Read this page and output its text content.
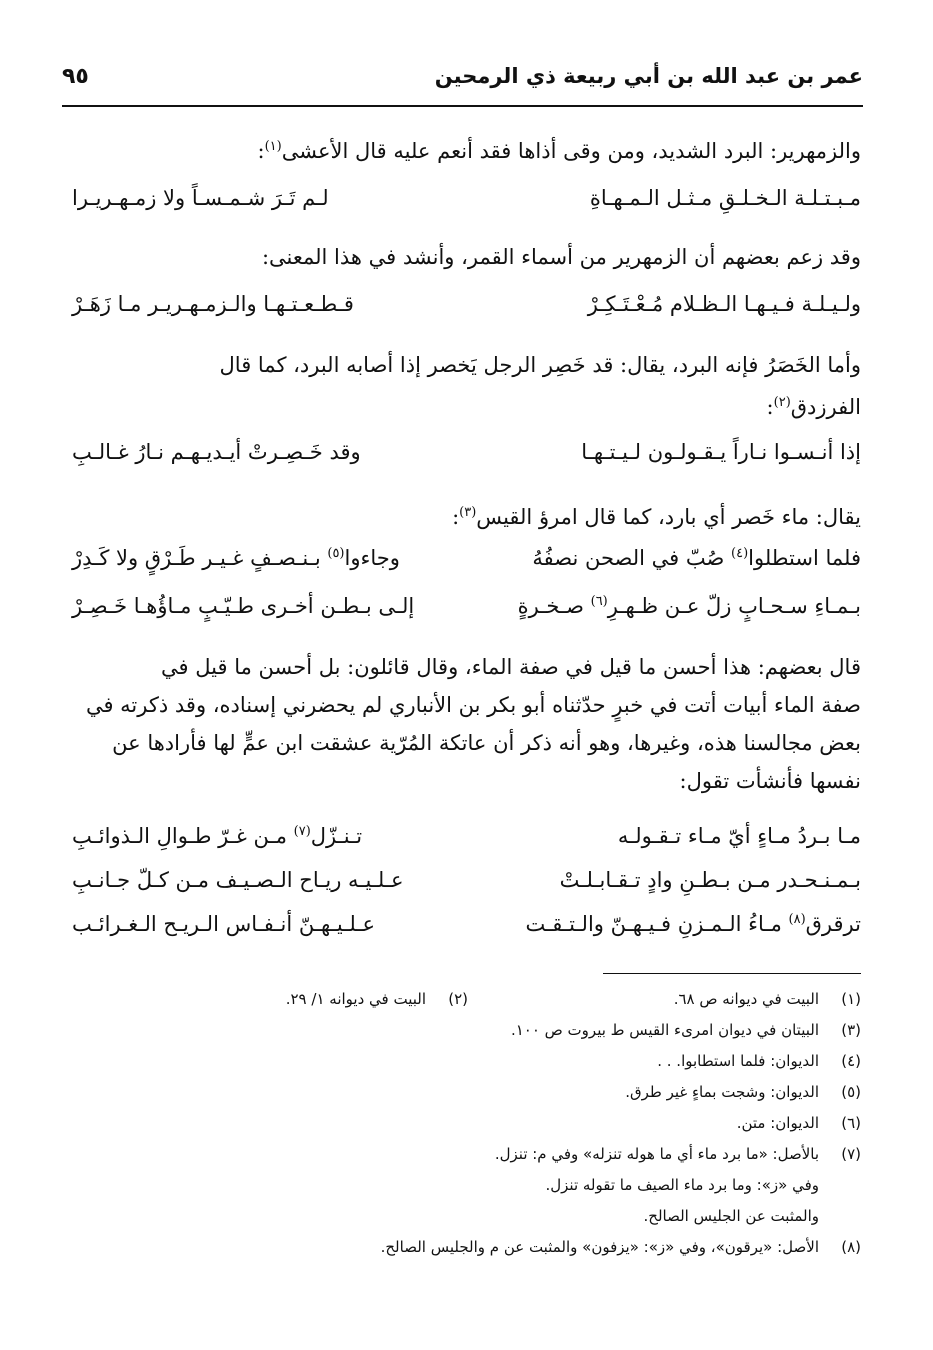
عمر بن عبد الله بن أبي ربيعة ذي الرمحين
٩٥

والزمهرير: البرد الشديد، ومن وقى أذاها فقد أنعم عليه قال الأعشى$^{(١)}$:

مـبـتـلـة الـخـلـقِ مـثـل الـمـهـاةِ
لـم تَـرَ شـمـسـاً ولا زمـهـريـرا

وقد زعم بعضهم أن الزمهرير من أسماء القمر، وأنشد في هذا المعنى:

ولـيـلـة فـيـهـا الـظـلام مُـعْـتَـكِـرْ
قـطـعـتـهـا والـزمـهـريـر مـا زَهَـرْ
وأما الخَصَرُ فإنه البرد، يقال: قد خَصِر الرجل يَخصر إذا أصابه البرد، كما قال
الفرزدق$^{(٢)}$:
إذا أنـسـوا نـاراً يـقـولـون لـيـتـهـا
وقد خَـصِـرتْ أيـديـهـم نـارُ غـالـبِ

يقال: ماء خَصر أي بارد، كما قال امرؤ القيس$^{(٣)}$:

فلما استطلوا$^{(٤)}$ صُبّ في الصحن نصفُهُ
وجاءوا$^{(٥)}$ بـنـصـفٍ غـيـر طَـرْقٍ ولا كَـدِرْ
بـمـاءِ سـحـابٍ زلّ عـن ظـهـرِ$^{(٦)}$ صـخـرةٍ
إلـى بـطـن أخـرى طـيّـبٍ مـاؤُهـا خَـصِـرْ
قال بعضهم: هذا أحسن ما قيل في صفة الماء، وقال قائلون: بل أحسن ما قيل في
صفة الماء أبيات أتت في خبرٍ حدّثناه أبو بكر بن الأنباري لم يحضرني إسناده، وقد ذكرته في
بعض مجالسنا هذه، وغيرها، وهو أنه ذكر أن عاتكة المُرّية عشقت ابن عمٍّ لها فأرادها عن
نفسها فأنشأت تقول:
مـا بـردُ مـاءٍ أيّ مـاء تـقـولـه
تـنـزّل$^{(٧)}$ مـن غـرّ طـوالِ الـذوائـبِ
بـمـنـحـدر مـن بـطـنِ وادٍ تـقـابـلـتْ
عـلـيـه ريـاح الـصـيـف مـن كـلّ جـانـبِ
ترقرق$^{(٨)}$ مـاءُ الـمـزنِ فـيـهـنّ والـتـقـت
عـلـيـهـنّ أنـفـاس الـريـح الـغـرائـب
(١)البيت في ديوانه ص ٦٨.
(٢)البيت في ديوانه ١/ ٢٩.
(٣)البيتان في ديوان امرىء القيس ط بيروت ص ١٠٠.
(٤)الديوان: فلما استطابوا. . .
(٥)الديوان: وشجت بماءٍ غير طرق.
(٦)الديوان: متن.
(٧)بالأصل: «ما برد ماء أي ما هوله تنزله» وفي م: تنزل.
وفي «ز»: وما برد ماء الصيف ما تقوله تنزل.
والمثبت عن الجليس الصالح.
(٨)الأصل: «يرقون»، وفي «ز»: «يزفون» والمثبت عن م والجليس الصالح.
